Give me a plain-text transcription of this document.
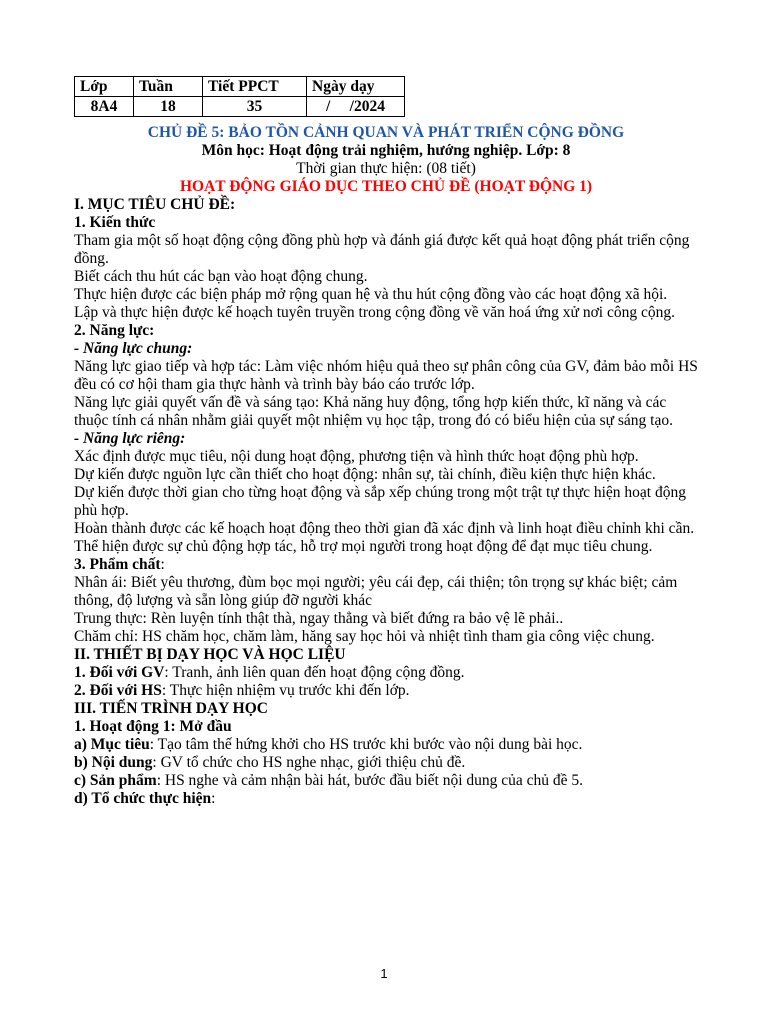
Lớp	Tuần	Tiết PPCT	Ngày dạy
8A4	18	35	/     /2024

CHỦ ĐỀ 5: BẢO TỒN CẢNH QUAN VÀ PHÁT TRIỂN CỘNG ĐỒNG

Môn học: Hoạt động trải nghiệm, hướng nghiệp. Lớp: 8

Thời gian thực hiện: (08 tiết)

HOẠT ĐỘNG GIÁO DỤC THEO CHỦ ĐỀ (HOẠT ĐỘNG 1)

I. MỤC TIÊU CHỦ ĐỀ:

1. Kiến thức

Tham gia một số hoạt động cộng đồng phù hợp và đánh giá được kết quả hoạt động phát triển cộng đồng.

Biết cách thu hút các bạn vào hoạt động chung.

Thực hiện được các biện pháp mở rộng quan hệ và thu hút cộng đồng vào các hoạt động xã hội.

Lập và thực hiện được kế hoạch tuyên truyền trong cộng đồng về văn hoá ứng xử nơi công cộng.

2. Năng lực:

- Năng lực chung:

Năng lực giao tiếp và hợp tác: Làm việc nhóm hiệu quả theo sự phân công của GV, đảm bảo mỗi HS đều có cơ hội tham gia thực hành và trình bày báo cáo trước lớp.

Năng lực giải quyết vấn đề và sáng tạo: Khả năng huy động, tổng hợp kiến thức, kĩ năng và các thuộc tính cá nhân nhằm giải quyết một nhiệm vụ học tập, trong đó có biểu hiện của sự sáng tạo.

- Năng lực riêng:

Xác định được mục tiêu, nội dung hoạt động, phương tiện và hình thức hoạt động phù hợp.

Dự kiến được nguồn lực cần thiết cho hoạt động: nhân sự, tài chính, điều kiện thực hiện khác.

Dự kiến được thời gian cho từng hoạt động và sắp xếp chúng trong một trật tự thực hiện hoạt động phù hợp.

Hoàn thành được các kế hoạch hoạt động theo thời gian đã xác định và linh hoạt điều chỉnh khi cần.

Thể hiện được sự chủ động hợp tác, hỗ trợ mọi người trong hoạt động để đạt mục tiêu chung.

3. Phẩm chất:

Nhân ái: Biết yêu thương, đùm bọc mọi người; yêu cái đẹp, cái thiện; tôn trọng sự khác biệt; cảm thông, độ lượng và sẵn lòng giúp đỡ người khác

Trung thực: Rèn luyện tính thật thà, ngay thẳng và biết đứng ra bảo vệ lẽ phải..

Chăm chỉ: HS chăm học, chăm làm, hăng say học hỏi và nhiệt tình tham gia công việc chung.

II. THIẾT BỊ DẠY HỌC VÀ HỌC LIỆU

1. Đối với GV: Tranh, ảnh liên quan đến hoạt động cộng đồng.

2. Đối với HS: Thực hiện nhiệm vụ trước khi đến lớp.

III. TIẾN TRÌNH DẠY HỌC

1. Hoạt động 1: Mở đầu

a) Mục tiêu: Tạo tâm thế hứng khởi cho HS trước khi bước vào nội dung bài học.

b) Nội dung: GV tổ chức cho HS nghe nhạc, giới thiệu chủ đề.

c) Sản phẩm: HS nghe và cảm nhận bài hát, bước đầu biết nội dung của chủ đề 5.

d) Tổ chức thực hiện:

1
